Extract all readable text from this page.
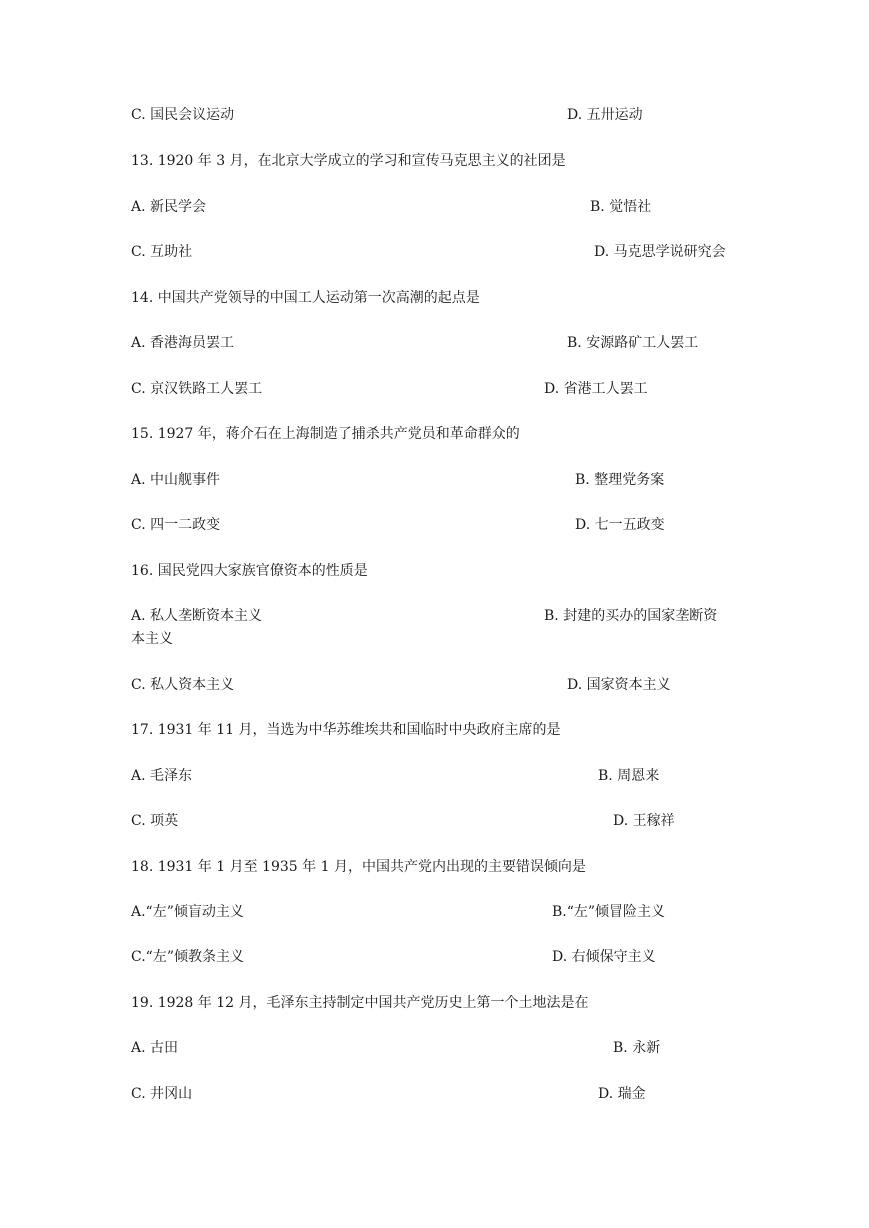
C. 国民会议运动	D. 五卅运动
13. 1920 年 3 月，在北京大学成立的学习和宣传马克思主义的社团是
A. 新民学会	B. 觉悟社
C. 互助社	D. 马克思学说研究会
14. 中国共产党领导的中国工人运动第一次高潮的起点是
A. 香港海员罢工	B. 安源路矿工人罢工
C. 京汉铁路工人罢工	D. 省港工人罢工
15. 1927 年，蒋介石在上海制造了捕杀共产党员和革命群众的
A. 中山舰事件	B. 整理党务案
C. 四一二政变	D. 七一五政变
16. 国民党四大家族官僚资本的性质是
A. 私人垄断资本主义	B. 封建的买办的国家垄断资
本主义
C. 私人资本主义	D. 国家资本主义
17. 1931 年 11 月，当选为中华苏维埃共和国临时中央政府主席的是
A. 毛泽东	B. 周恩来
C. 项英	D. 王稼祥
18. 1931 年 1 月至 1935 年 1 月，中国共产党内出现的主要错误倾向是
A.“左”倾盲动主义	B.“左”倾冒险主义
C.“左”倾教条主义	D. 右倾保守主义
19. 1928 年 12 月，毛泽东主持制定中国共产党历史上第一个土地法是在
A. 古田	B. 永新
C. 井冈山	D. 瑞金
